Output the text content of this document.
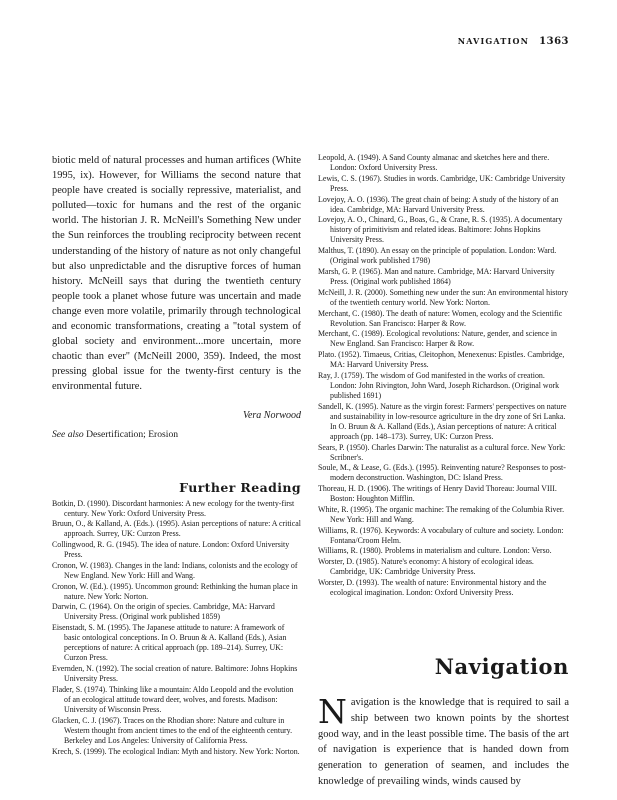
NAVIGATION 1363

biotic meld of natural processes and human artifices (White 1995, ix). However, for Williams the second nature that people have created is socially repressive, materialist, and polluted—toxic for humans and the rest of the organic world. The historian J. R. McNeill's Something New under the Sun reinforces the troubling reciprocity between recent understanding of the history of nature as not only changeful but also unpredictable and the disruptive forces of human history. McNeill says that during the twentieth century people took a planet whose future was uncertain and made change even more volatile, primarily through technological and economic transformations, creating a "total system of global society and environment...more uncertain, more chaotic than ever" (McNeill 2000, 359). Indeed, the most pressing global issue for the twenty-first century is the environmental future.

Vera Norwood

See also Desertification; Erosion

Further Reading
Botkin, D. (1990). Discordant harmonies: A new ecology for the twenty-first century. New York: Oxford University Press.
Bruun, O., & Kalland, A. (Eds.). (1995). Asian perceptions of nature: A critical approach. Surrey, UK: Curzon Press.
Collingwood, R. G. (1945). The idea of nature. London: Oxford University Press.
Cronon, W. (1983). Changes in the land: Indians, colonists and the ecology of New England. New York: Hill and Wang.
Cronon, W. (Ed.). (1995). Uncommon ground: Rethinking the human place in nature. New York: Norton.
Darwin, C. (1964). On the origin of species. Cambridge, MA: Harvard University Press. (Original work published 1859)
Eisenstadt, S. M. (1995). The Japanese attitude to nature: A framework of basic ontological conceptions. In O. Bruun & A. Kalland (Eds.), Asian perceptions of nature: A critical approach (pp. 189–214). Surrey, UK: Curzon Press.
Evernden, N. (1992). The social creation of nature. Baltimore: Johns Hopkins University Press.
Flader, S. (1974). Thinking like a mountain: Aldo Leopold and the evolution of an ecological attitude toward deer, wolves, and forests. Madison: University of Wisconsin Press.
Glacken, C. J. (1967). Traces on the Rhodian shore: Nature and culture in Western thought from ancient times to the end of the eighteenth century. Berkeley and Los Angeles: University of California Press.
Krech, S. (1999). The ecological Indian: Myth and history. New York: Norton.
Leopold, A. (1949). A Sand County almanac and sketches here and there. London: Oxford University Press.
Lewis, C. S. (1967). Studies in words. Cambridge, UK: Cambridge University Press.
Lovejoy, A. O. (1936). The great chain of being: A study of the history of an idea. Cambridge, MA: Harvard University Press.
Lovejoy, A. O., Chinard, G., Boas, G., & Crane, R. S. (1935). A documentary history of primitivism and related ideas. Baltimore: Johns Hopkins University Press.
Malthus, T. (1890). An essay on the principle of population. London: Ward. (Original work published 1798)
Marsh, G. P. (1965). Man and nature. Cambridge, MA: Harvard University Press. (Original work published 1864)
McNeill, J. R. (2000). Something new under the sun: An environmental history of the twentieth century world. New York: Norton.
Merchant, C. (1980). The death of nature: Women, ecology and the Scientific Revolution. San Francisco: Harper & Row.
Merchant, C. (1989). Ecological revolutions: Nature, gender, and science in New England. San Francisco: Harper & Row.
Plato. (1952). Timaeus, Critias, Cleitophon, Menexenus: Epistles. Cambridge, MA: Harvard University Press.
Ray, J. (1759). The wisdom of God manifested in the works of creation. London: John Rivington, John Ward, Joseph Richardson. (Original work published 1691)
Sandell, K. (1995). Nature as the virgin forest: Farmers' perspectives on nature and sustainability in low-resource agriculture in the dry zone of Sri Lanka. In O. Bruun & A. Kalland (Eds.), Asian perceptions of nature: A critical approach (pp. 148–173). Surrey, UK: Curzon Press.
Sears, P. (1950). Charles Darwin: The naturalist as a cultural force. New York: Scribner's.
Soule, M., & Lease, G. (Eds.). (1995). Reinventing nature? Responses to post-modern deconstruction. Washington, DC: Island Press.
Thoreau, H. D. (1906). The writings of Henry David Thoreau: Journal VIII. Boston: Houghton Mifflin.
White, R. (1995). The organic machine: The remaking of the Columbia River. New York: Hill and Wang.
Williams, R. (1976). Keywords: A vocabulary of culture and society. London: Fontana/Croom Helm.
Williams, R. (1980). Problems in materialism and culture. London: Verso.
Worster, D. (1985). Nature's economy: A history of ecological ideas. Cambridge, UK: Cambridge University Press.
Worster, D. (1993). The wealth of nature: Environmental history and the ecological imagination. London: Oxford University Press.
Navigation

Navigation is the knowledge that is required to sail a ship between two known points by the shortest good way, and in the least possible time. The basis of the art of navigation is experience that is handed down from generation to generation of seamen, and includes the knowledge of prevailing winds, winds caused by
